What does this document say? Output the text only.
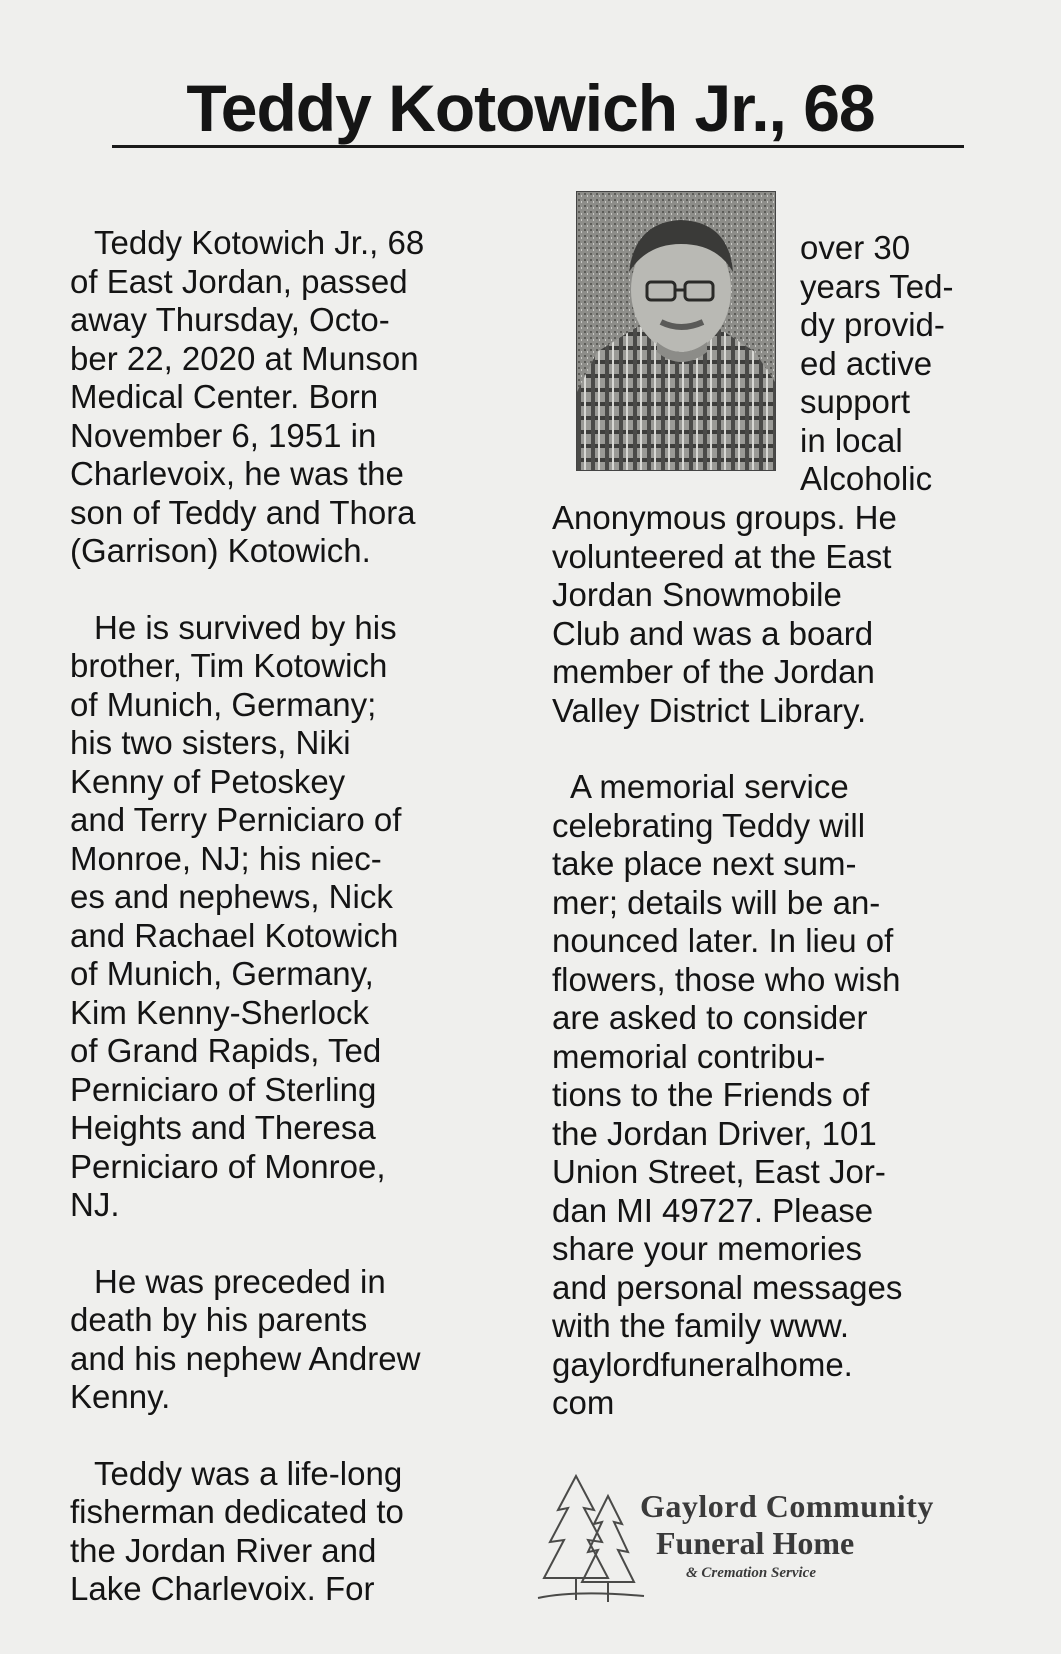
Teddy Kotowich Jr., 68

Teddy Kotowich Jr., 68

of East Jordan, passed

away Thursday, Octo-

ber 22, 2020 at Munson

Medical Center. Born

November 6, 1951 in

Charlevoix, he was the

son of Teddy and Thora

(Garrison) Kotowich.

He is survived by his

brother, Tim Kotowich

of Munich, Germany;

his two sisters, Niki

Kenny of Petoskey

and Terry Perniciaro of

Monroe, NJ; his niec-

es and nephews, Nick

and Rachael Kotowich

of Munich, Germany,

Kim Kenny-Sherlock

of Grand Rapids, Ted

Perniciaro of Sterling

Heights and Theresa

Perniciaro of Monroe,

NJ.

He was preceded in

death by his parents

and his nephew Andrew

Kenny.

Teddy was a life-long

fisherman dedicated to

the Jordan River and

Lake Charlevoix. For

over 30

years Ted-

dy provid-

ed active

support

in local

Alcoholic

Anonymous groups. He

volunteered at the East

Jordan Snowmobile

Club and was a board

member of the Jordan

Valley District Library.

A memorial service

celebrating Teddy will

take place next sum-

mer; details will be an-

nounced later. In lieu of

flowers, those who wish

are asked to consider

memorial contribu-

tions to the Friends of

the Jordan Driver, 101

Union Street, East Jor-

dan MI 49727. Please

share your memories

and personal messages

with the family www.

gaylordfuneralhome.

com

Gaylord Community
Funeral Home
& Cremation Service
